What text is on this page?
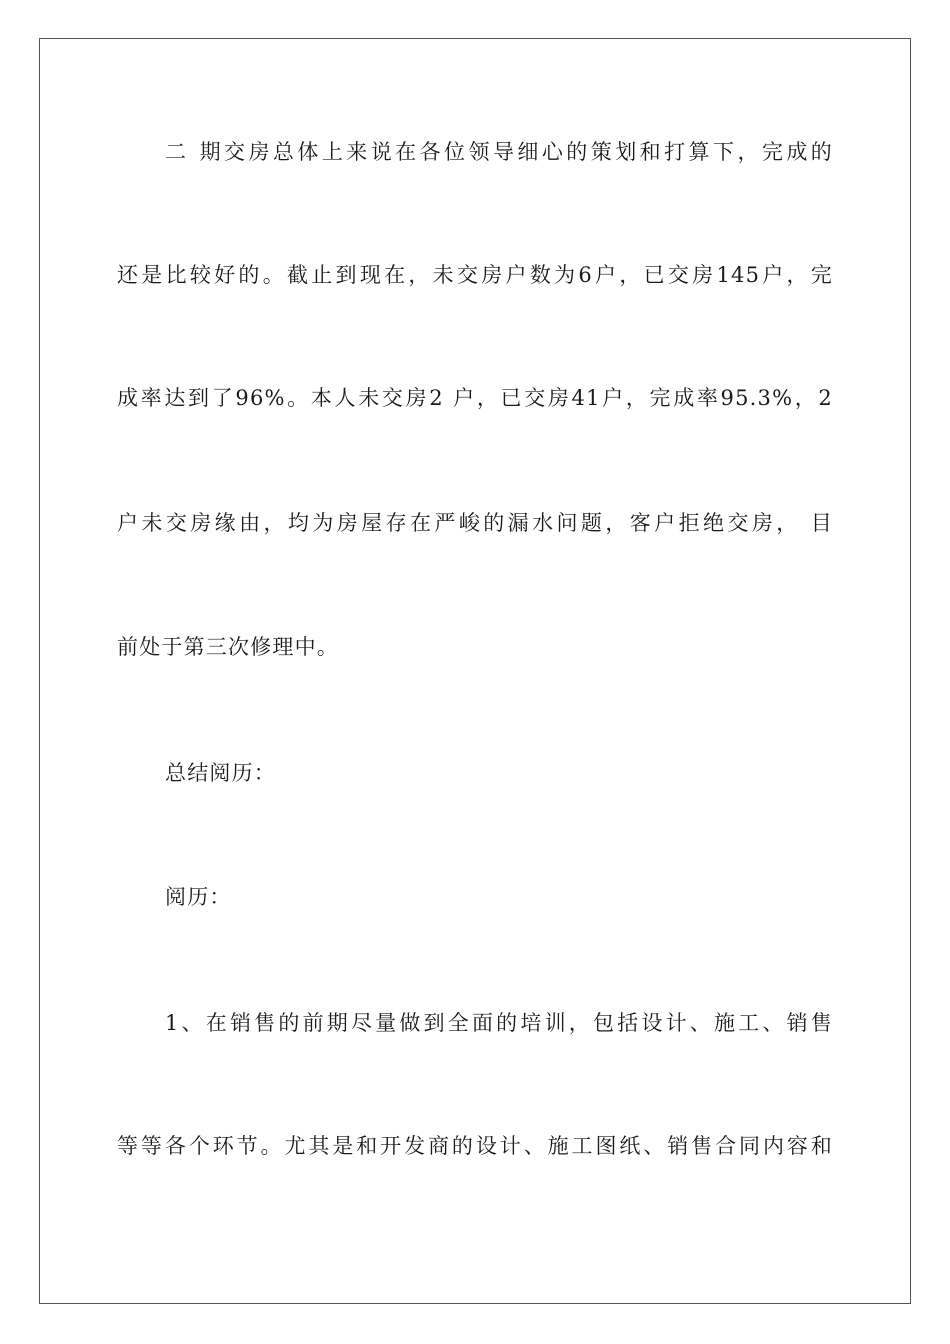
二 期交房总体上来说在各位领导细心的策划和打算下，完成的
还是比较好的。截止到现在，未交房户数为6户，已交房145户，完
成率达到了96%。本人未交房2 户，已交房41户，完成率95.3%，2
户未交房缘由，均为房屋存在严峻的漏水问题，客户拒绝交房， 目
前处于第三次修理中。
总结阅历：
阅历：
1、在销售的前期尽量做到全面的培训，包括设计、施工、销售
等等各个环节。尤其是和开发商的设计、施工图纸、销售合同内容和
